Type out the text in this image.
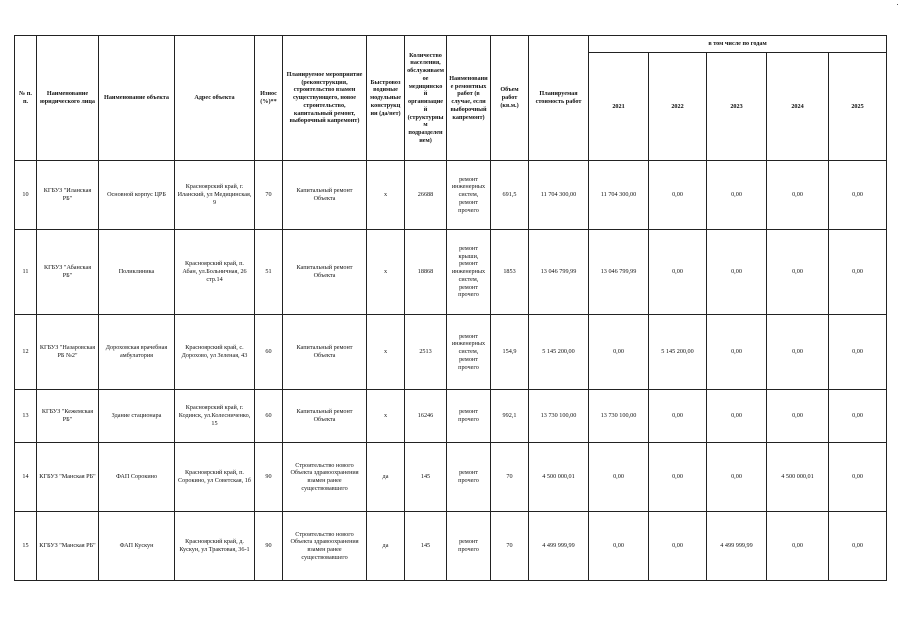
№ п. п.	Наименование юридического лица	Наименование объекта	Адрес объекта	Износ (%)**	Планируемое мероприятие (реконструкция, строительство взамен существующего, новое строительство, капитальный ремонт, выборочный капремонт)	Быстровозводимые модульные конструкции (да/нет)	Количество населения, обслуживаемое медицинской организацией (структурным подразделением)	Наименование ремонтных работ (в случае, если выборочный капремонт)	Объем работ (кв.м.)	Планируемая стоимость работ	в том числе по годам				
											2021	2022	2023	2024	2025
10	КГБУЗ "Иланская РБ"	Основной корпус ЦРБ	Красноярский край, г. Иланский, ул Медицинская, 9	70	Капитальный ремонт Объекта	х	26688	ремонт инженерных систем, ремонт прочего	691,5	11 704 300,00	11 704 300,00	0,00	0,00	0,00	0,00
11	КГБУЗ "Абанская РБ"	Поликлиника	Красноярский край, п. Абан, ул.Больничная, 26 стр.14	51	Капитальный ремонт Объекта	х	18868	ремонт крыши, ремонт инженерных систем, ремонт прочего	1853	13 046 799,99	13 046 799,99	0,00	0,00	0,00	0,00
12	КГБУЗ "Назаровская РБ №2"	Дороховская врачебная амбулатория	Красноярский край, с. Дорохово, ул Зеленая, 43	60	Капитальный ремонт Объекта	х	2513	ремонт инженерных систем, ремонт прочего	154,9	5 145 200,00	0,00	5 145 200,00	0,00	0,00	0,00
13	КГБУЗ "Кежемская РБ"	Здание стационара	Красноярский край, г. Кодинск, ул.Колесниченко, 15	60	Капитальный ремонт Объекта	х	16246	ремонт прочего	992,1	13 730 100,00	13 730 100,00	0,00	0,00	0,00	0,00
14	КГБУЗ "Манская РБ"	ФАП Сорокино	Красноярский край, п. Сорокино, ул Советская, 1б	90	Строительство нового Объекта здравоохранения взамен ранее существовавшего	да	145	ремонт прочего	70	4 500 000,01	0,00	0,00	0,00	4 500 000,01	0,00
15	КГБУЗ "Манская РБ"	ФАП Кускун	Красноярский край, д. Кускун, ул Трактовая, 36-1	90	Строительство нового Объекта здравоохранения взамен ранее существовавшего	да	145	ремонт прочего	70	4 499 999,99	0,00	0,00	4 499 999,99	0,00	0,00
